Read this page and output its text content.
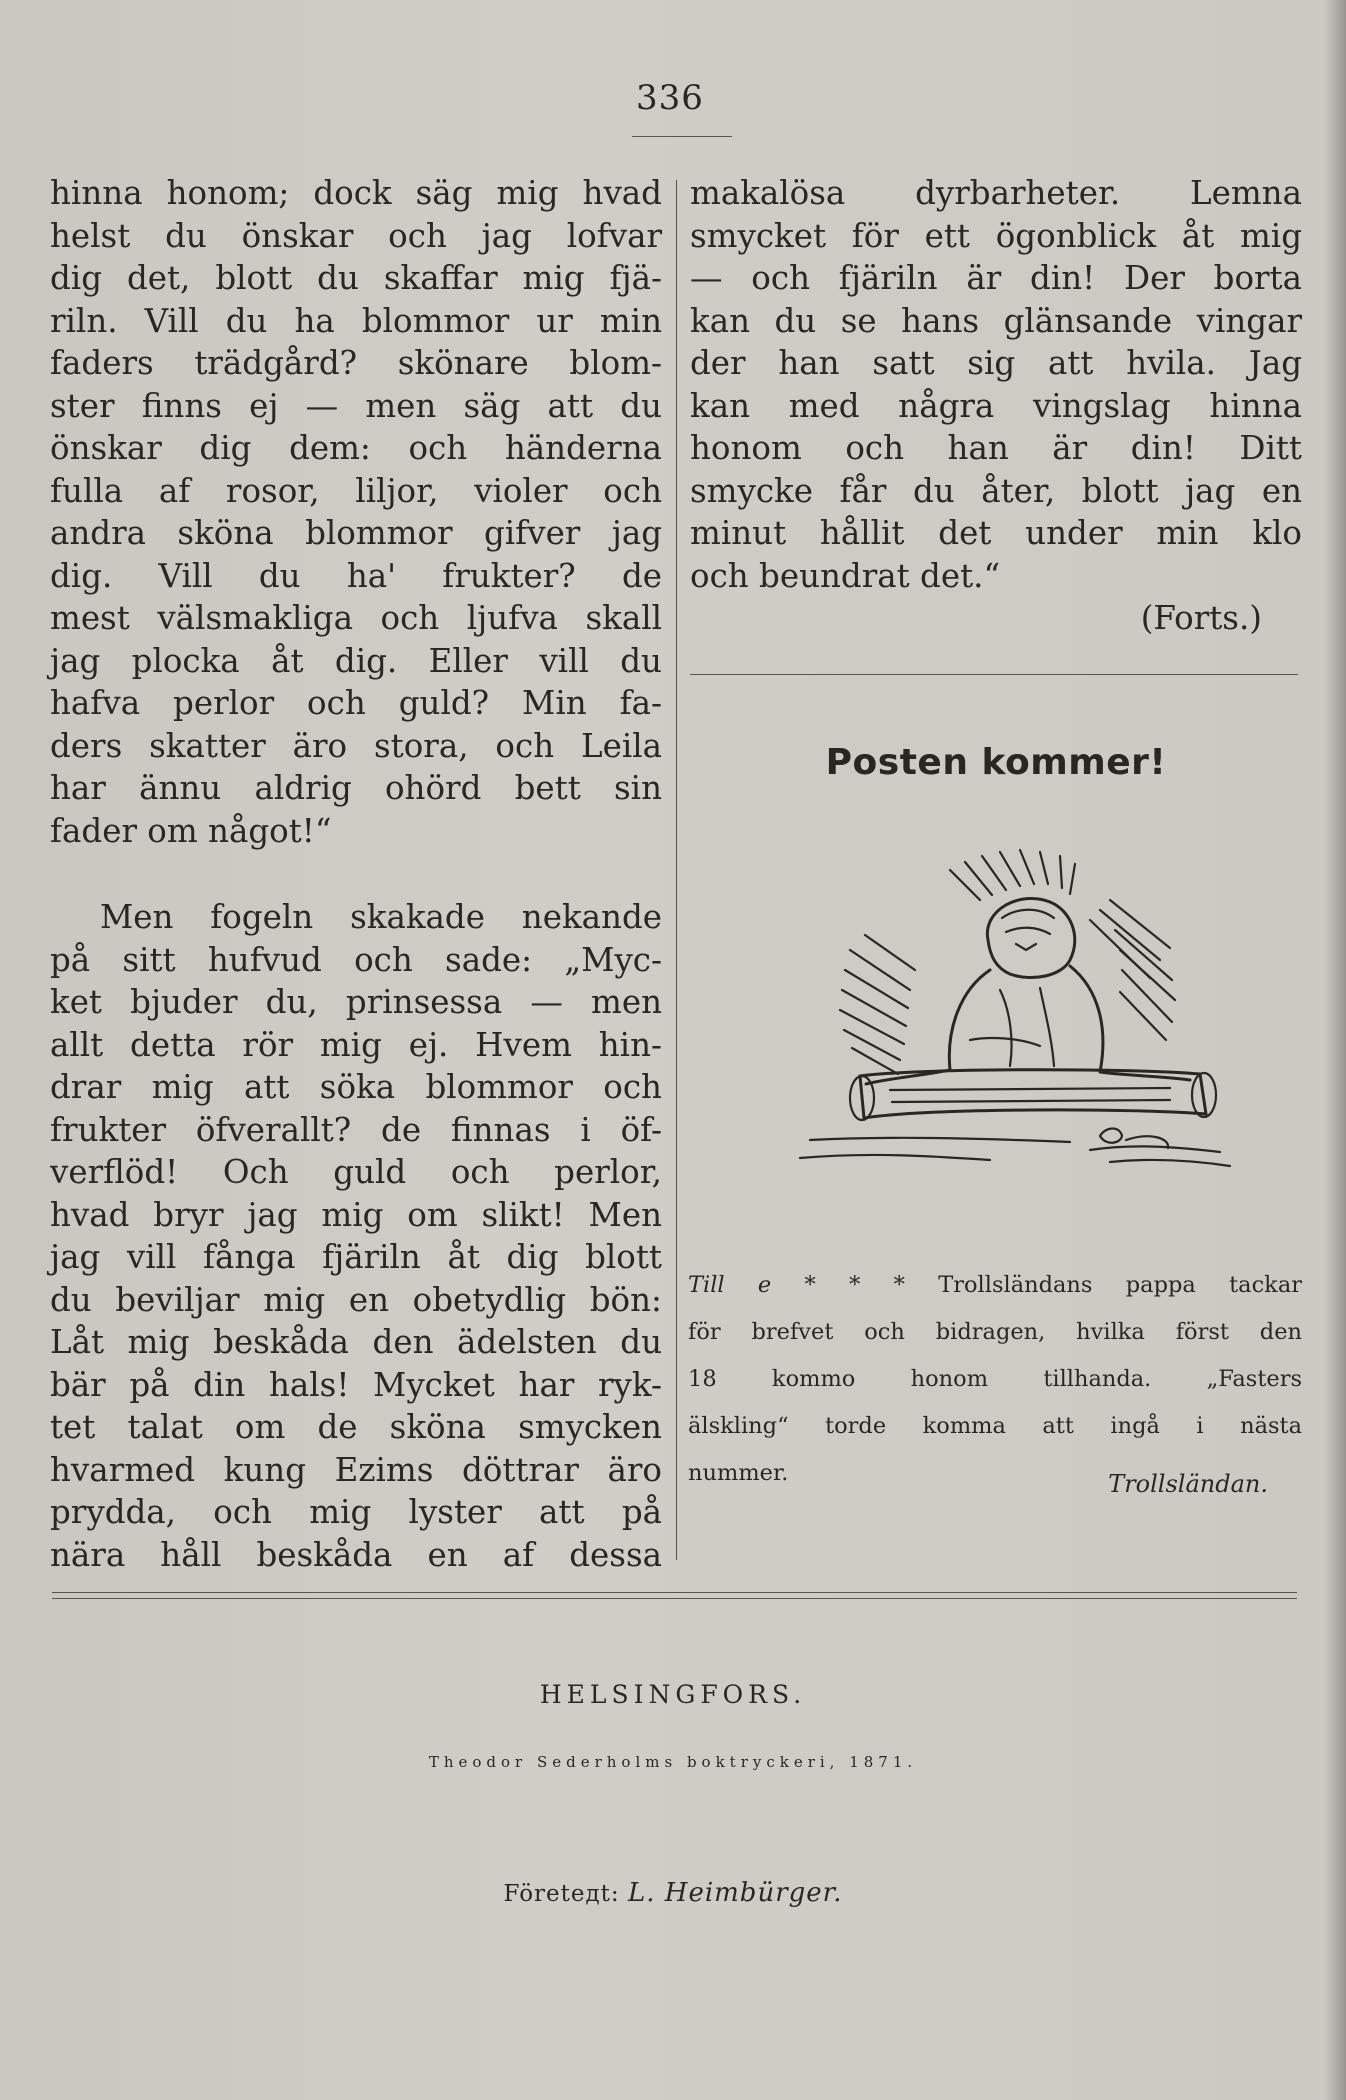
336
hinna honom; dock säg mig hvad
helst du önskar och jag lofvar
dig det, blott du skaffar mig fjä-
riln. Vill du ha blommor ur min
faders trädgård? skönare blom-
ster finns ej — men säg att du
önskar dig dem: och händerna
fulla af rosor, liljor, violer och
andra sköna blommor gifver jag
dig. Vill du ha' frukter? de
mest välsmakliga och ljufva skall
jag plocka åt dig. Eller vill du
hafva perlor och guld? Min fa-
ders skatter äro stora, och Leila
har ännu aldrig ohörd bett sin
fader om något!“
Men fogeln skakade nekande
på sitt hufvud och sade: „Myc-
ket bjuder du, prinsessa — men
allt detta rör mig ej. Hvem hin-
drar mig att söka blommor och
frukter öfverallt? de finnas i öf-
verflöd! Och guld och perlor,
hvad bryr jag mig om slikt! Men
jag vill fånga fjäriln åt dig blott
du beviljar mig en obetydlig bön:
Låt mig beskåda den ädelsten du
bär på din hals! Mycket har ryk-
tet talat om de sköna smycken
hvarmed kung Ezims döttrar äro
prydda, och mig lyster att på
nära håll beskåda en af dessa
makalösa dyrbarheter. Lemna
smycket för ett ögonblick åt mig
— och fjäriln är din! Der borta
kan du se hans glänsande vingar
der han satt sig att hvila. Jag
kan med några vingslag hinna
honom och han är din! Ditt
smycke får du åter, blott jag en
minut hållit det under min klo
och beundrat det.“
(Forts.)
Posten kommer!
Till e * * * Trollsländans pappa tackar
för brefvet och bidragen, hvilka först den
18 kommo honom tillhanda. „Fasters
älskling“ torde komma att ingå i nästa
nummer.	Trollsländan.
HELSINGFORS.
Theodor Sederholms boktryckeri, 1871.
Företeдt: L. Heimbürger.
